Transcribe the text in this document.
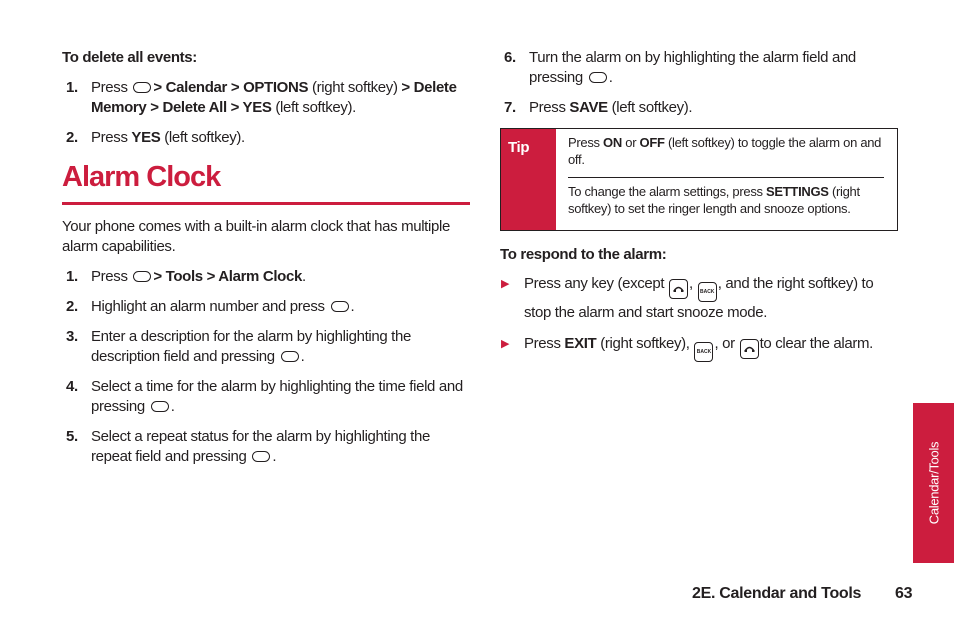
To delete all events:
1. Press > Calendar > OPTIONS (right softkey) > Delete Memory > Delete All > YES (left softkey).
2. Press YES (left softkey).
Alarm Clock

Your phone comes with a built-in alarm clock that has multiple alarm capabilities.

1. Press > Tools > Alarm Clock.
2. Highlight an alarm number and press .
3. Enter a description for the alarm by highlighting the description field and pressing .
4. Select a time for the alarm by highlighting the time field and pressing .
5. Select a repeat status for the alarm by highlighting the repeat field and pressing .
6. Turn the alarm on by highlighting the alarm field and pressing .
7. Press SAVE (left softkey).
Tip	Press ON or OFF (left softkey) to toggle the alarm on and off.
To change the alarm settings, press SETTINGS (right softkey) to set the ringer length and snooze options.
To respond to the alarm:
▶ Press any key (except , BACK , and the right softkey) to stop the alarm and start snooze mode.
▶ Press EXIT (right softkey), BACK , or to clear the alarm.
Calendar/Tools
2E. Calendar and Tools 63
